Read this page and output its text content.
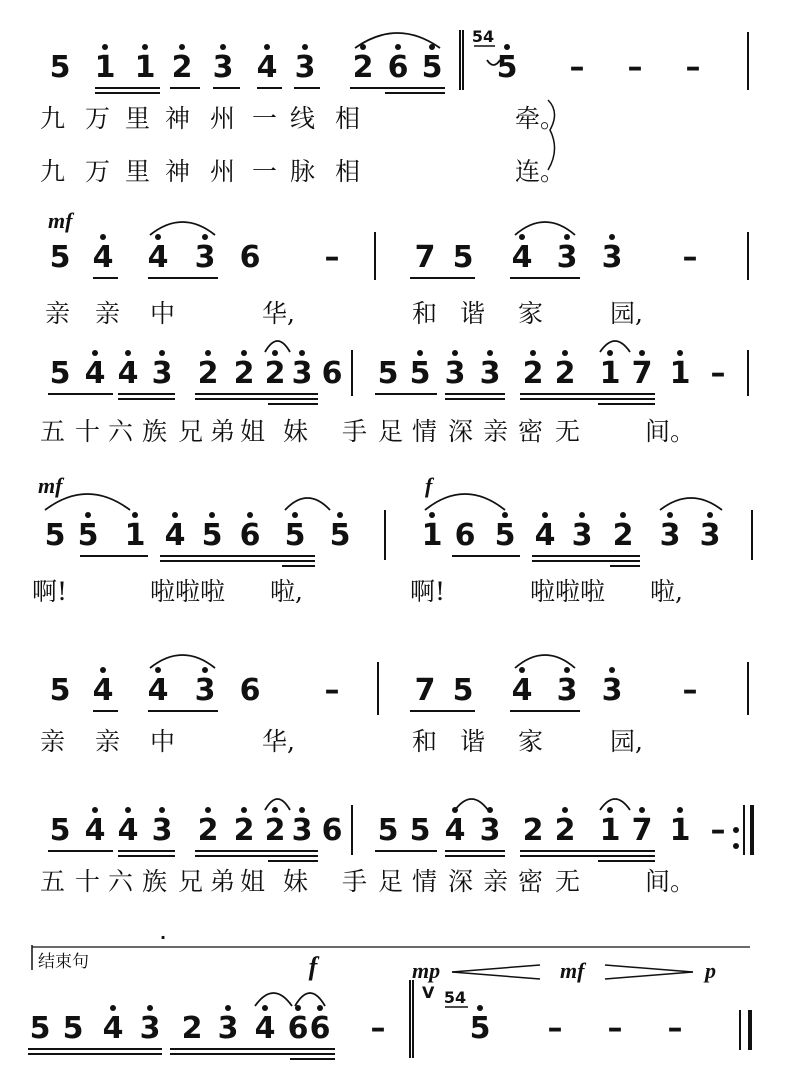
5 1 1 2 3 4 3 2 6 5 5 – – –
54
九 万 里 神 州 一 线 相	牵。
九 万 里 神 州 一 脉 相	连。
mf
5 4 4 3 6 –	7 5 4 3 3 –
亲 亲 中	华,	和 谐 家	园,
5 4 4 3 2 2 2 3 6 5 5 3 3 2 2 1 7 1 –
五 十 六 族 兄 弟 姐 妹 手 足 情 深 亲 密 无	间。
mf
5 5 1 4 5 6 5 5 1 6 5 4 3 2 3 3
f
啊!	啦啦啦 啦,	啊!	啦啦啦 啦,
5 4 4 3 6 –	7 5 4 3 3 –
亲 亲 中	华,	和 谐 家	园,
5 4 4 3 2 2 2 3 6 5 5 4 3 2 2 1 7 1 –
五 十 六 族 兄 弟 姐 妹 手 足 情 深 亲 密 无	间。
·
结束句	f	mp	mf	p
5 5 4 3 2 3 4 6 6 –	5 – – –
V 54
